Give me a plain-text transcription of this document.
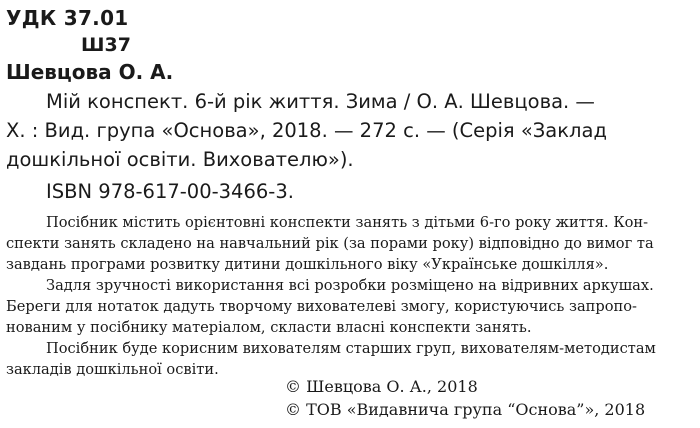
УДК 37.01
Ш37
Шевцова О. А.
Мій конспект. 6-й рік життя. Зима / О. А. Шевцова. —
Х. : Вид. група «Основа», 2018. — 272 с. — (Серія «Заклад
дошкільної освіти. Вихователю»).
ISBN 978-617-00-3466-3.
Посібник містить орієнтовні конспекти занять з дітьми 6-го року життя. Кон-
спекти занять складено на навчальний рік (за порами року) відповідно до вимог та
завдань програми розвитку дитини дошкільного віку «Українське дошкілля».
Задля зручності використання всі розробки розміщено на відривних аркушах.
Береги для нотаток дадуть творчому вихователеві змогу, користуючись запропо-
нованим у посібнику матеріалом, скласти власні конспекти занять.
Посібник буде корисним вихователям старших груп, вихователям-методистам
закладів дошкільної освіти.
© Шевцова О. А., 2018
© ТОВ «Видавнича група “Основа”», 2018
